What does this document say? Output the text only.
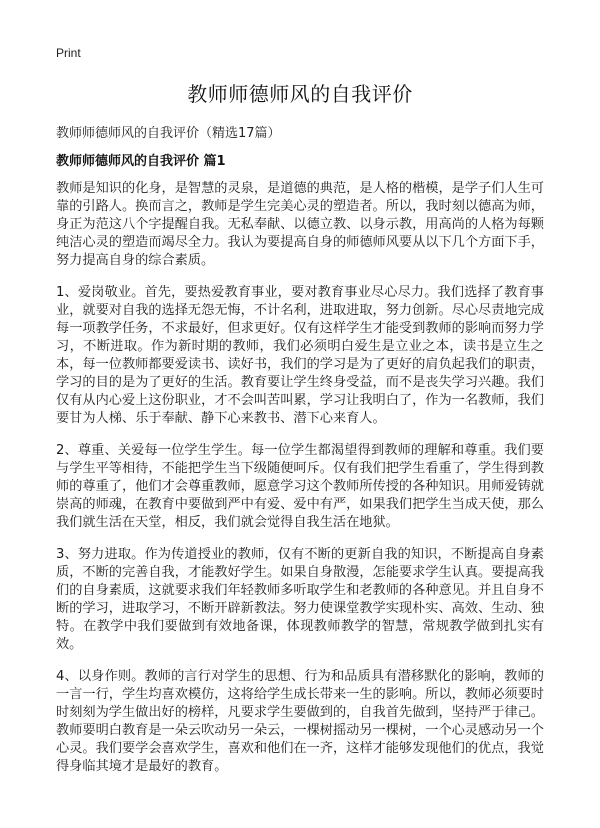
Print
教师师德师风的自我评价

教师师德师风的自我评价（精选17篇）

教师师德师风的自我评价 篇1

教师是知识的化身，是智慧的灵泉，是道德的典范，是人格的楷模，是学子们人生可靠的引路人。换而言之，教师是学生完美心灵的塑造者。所以，我时刻以德高为师，身正为范这八个字提醒自我。无私奉献、以德立教、以身示教，用高尚的人格为每颗纯洁心灵的塑造而竭尽全力。我认为要提高自身的师德师风要从以下几个方面下手，努力提高自身的综合素质。

1、爱岗敬业。首先，要热爱教育事业，要对教育事业尽心尽力。我们选择了教育事业，就要对自我的选择无怨无悔，不计名利，进取进取，努力创新。尽心尽责地完成每一项教学任务，不求最好，但求更好。仅有这样学生才能受到教师的影响而努力学习，不断进取。作为新时期的教师，我们必须明白爱生是立业之本，读书是立生之本，每一位教师都要爱读书、读好书，我们的学习是为了更好的肩负起我们的职责，学习的目的是为了更好的生活。教育要让学生终身受益，而不是丧失学习兴趣。我们仅有从内心爱上这份职业，才不会叫苦叫累，学习让我明白了，作为一名教师，我们要甘为人梯、乐于奉献、静下心来教书、潜下心来育人。

2、尊重、关爱每一位学生学生。每一位学生都渴望得到教师的理解和尊重。我们要与学生平等相待，不能把学生当下级随便呵斥。仅有我们把学生看重了，学生得到教师的尊重了，他们才会尊重教师，愿意学习这个教师所传授的各种知识。用师爱铸就崇高的师魂，在教育中要做到严中有爱、爱中有严，如果我们把学生当成天使，那么我们就生活在天堂，相反，我们就会觉得自我生活在地狱。

3、努力进取。作为传道授业的教师，仅有不断的更新自我的知识，不断提高自身素质，不断的完善自我，才能教好学生。如果自身散漫，怎能要求学生认真。要提高我们的自身素质，这就要求我们年轻教师多听取学生和老教师的各种意见。并且自身不断的学习，进取学习，不断开辟新教法。努力使课堂教学实现朴实、高效、生动、独特。在教学中我们要做到有效地备课，体现教师教学的智慧，常规教学做到扎实有效。

4、以身作则。教师的言行对学生的思想、行为和品质具有潜移默化的影响，教师的一言一行，学生均喜欢模仿，这将给学生成长带来一生的影响。所以，教师必须要时时刻刻为学生做出好的榜样，凡要求学生要做到的，自我首先做到，坚持严于律己。教师要明白教育是一朵云吹动另一朵云，一棵树摇动另一棵树，一个心灵感动另一个心灵。我们要学会喜欢学生，喜欢和他们在一齐，这样才能够发现他们的优点，我觉得身临其境才是最好的教育。
